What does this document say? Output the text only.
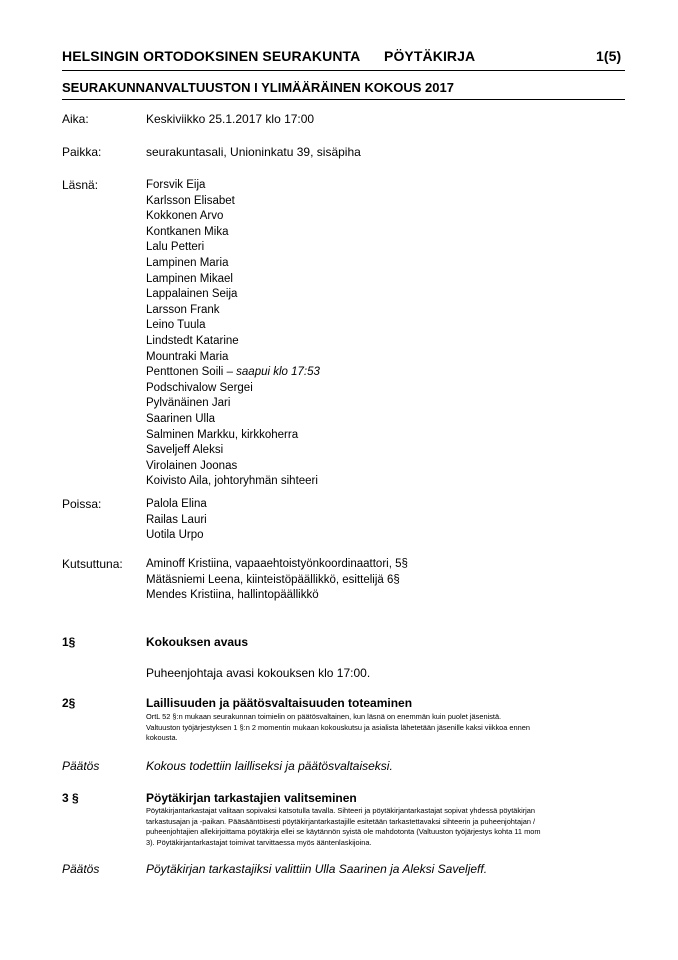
HELSINGIN ORTODOKSINEN SEURAKUNTA PÖYTÄKIRJA	1(5)
SEURAKUNNANVALTUUSTON I YLIMÄÄRÄINEN KOKOUS 2017
Aika:	Keskiviikko 25.1.2017 klo 17:00
Paikka:	seurakuntasali, Unioninkatu 39, sisäpiha
Läsnä:	Forsvik Eija
Karlsson Elisabet
Kokkonen Arvo
Kontkanen Mika
Lalu Petteri
Lampinen Maria
Lampinen Mikael
Lappalainen Seija
Larsson Frank
Leino Tuula
Lindstedt Katarine
Mountraki Maria
Penttonen Soili – saapui klo 17:53
Podschivalow Sergei
Pylvänäinen Jari
Saarinen Ulla
Salminen Markku, kirkkoherra
Saveljeff Aleksi
Virolainen Joonas
Koivisto Aila, johtoryhmän sihteeri
Poissa:	Palola Elina
Railas Lauri
Uotila Urpo
Kutsuttuna: Aminoff Kristiina, vapaaehtoistyönkoordinaattori, 5§
Mätäsniemi Leena, kiinteistöpäällikkö, esittelijä 6§
Mendes Kristiina, hallintopäällikkö
1§	Kokouksen avaus
Puheenjohtaja avasi kokouksen klo 17:00.
2§	Laillisuuden ja päätösvaltaisuuden toteaminen
OrtL 52 §:n mukaan seurakunnan toimielin on päätösvaltainen, kun läsnä on enemmän kuin puolet jäsenistä.
Valtuuston työjärjestyksen 1 §:n 2 momentin mukaan kokouskutsu ja asialista lähetetään jäsenille kaksi viikkoa ennen
kokousta.
Päätös	Kokous todettiin lailliseksi ja päätösvaltaiseksi.
3 §	Pöytäkirjan tarkastajien valitseminen
Pöytäkirjantarkastajat valitaan sopivaksi katsotulla tavalla. Sihteeri ja pöytäkirjantarkastajat sopivat yhdessä pöytäkirjan
tarkastusajan ja -paikan. Pääsääntöisesti pöytäkirjantarkastajille esitetään tarkastettavaksi sihteerin ja puheenjohtajan /
puheenjohtajien allekirjoittama pöytäkirja ellei se käytännön syistä ole mahdotonta (Valtuuston työjärjestys kohta 11 mom
3). Pöytäkirjantarkastajat toimivat tarvittaessa myös ääntenlaskijoina.
Päätös	Pöytäkirjan tarkastajiksi valittiin Ulla Saarinen ja Aleksi Saveljeff.
